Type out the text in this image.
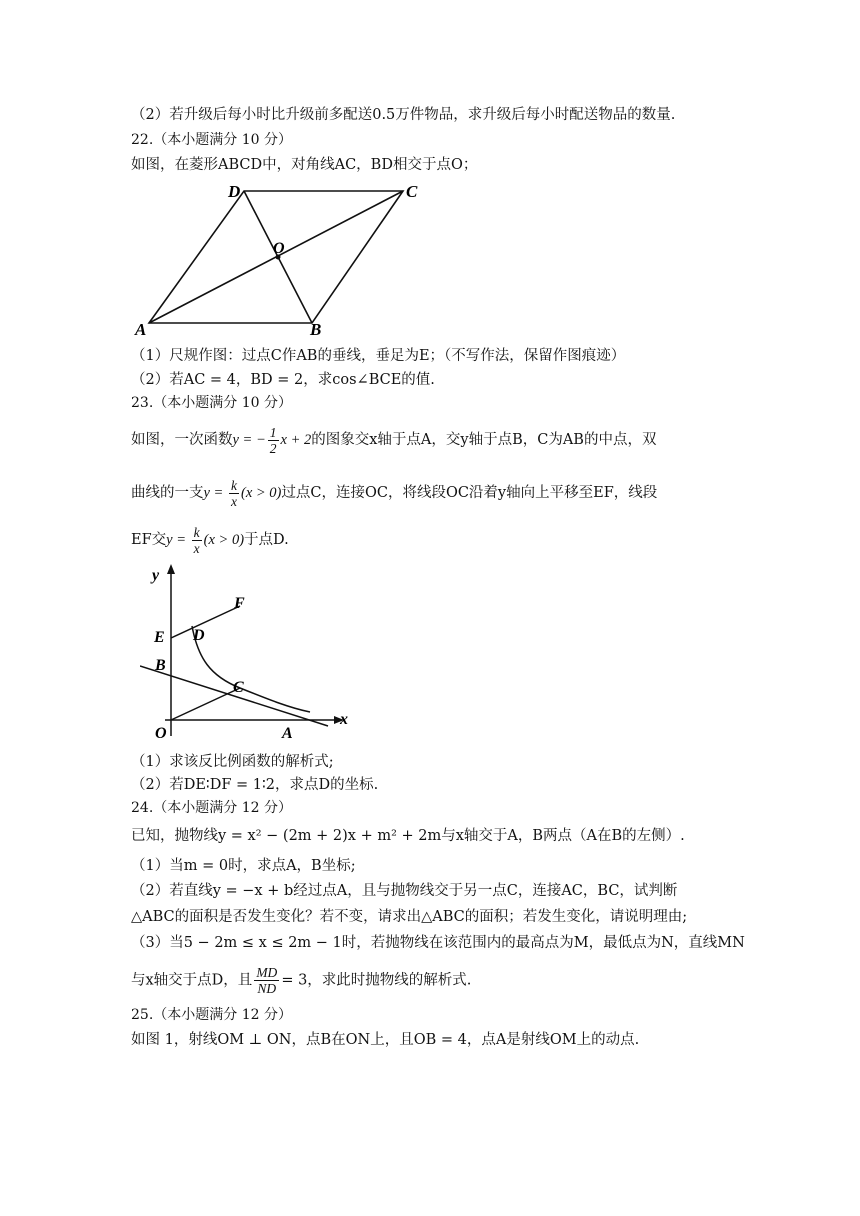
（2）若升级后每小时比升级前多配送0.5万件物品，求升级后每小时配送物品的数量.
22.（本小题满分 10 分）
如图，在菱形ABCD中，对角线AC，BD相交于点O；
A	B
C
D
O
（1）尺规作图：过点C作AB的垂线，垂足为E；（不写作法，保留作图痕迹）
（2）若AC = 4，BD = 2，求cos∠BCE的值.
23.（本小题满分 10 分）
如图，一次函数y = − $\frac{1}{2}$ x + 2的图象交x轴于点A，交y轴于点B，C为AB的中点，双
曲线的一支$y = \frac{k}{x} (x > 0)$过点C，连接OC，将线段OC沿着y轴向上平移至EF，线段
EF交$y = \frac{k}{x} (x > 0)$于点D.
y
x
O	A
B
C
D
E
F
（1）求该反比例函数的解析式;
（2）若DE∶DF = 1∶2，求点D的坐标.
24.（本小题满分 12 分）
已知，抛物线y = x² − (2m + 2)x + m² + 2m与x轴交于A，B两点（A在B的左侧）.
（1）当m = 0时，求点A，B坐标;
（2）若直线y = −x + b经过点A，且与抛物线交于另一点C，连接AC，BC，试判断
△ABC的面积是否发生变化？若不变，请求出△ABC的面积；若发生变化，请说明理由;
（3）当5 − 2m ≤ x ≤ 2m − 1时，若抛物线在该范围内的最高点为M，最低点为N，直线MN
与x轴交于点D，且 $\frac{MD}{ND} = 3$，求此时抛物线的解析式.
25.（本小题满分 12 分）
如图 1，射线OM ⊥ ON，点B在ON上，且OB = 4，点A是射线OM上的动点.
